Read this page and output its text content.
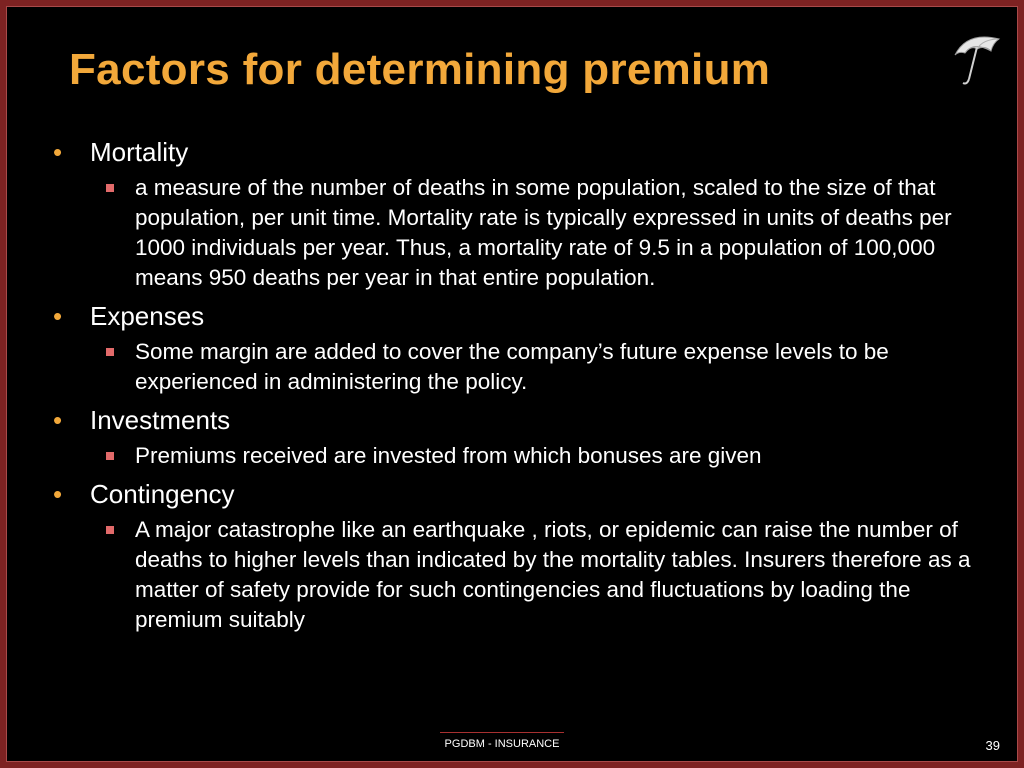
Factors for determining premium
•	Mortality
a measure of the number of deaths in some population, scaled to the size of that population, per unit time. Mortality rate is typically expressed in units of deaths per 1000 individuals per year. Thus, a mortality rate of 9.5 in a population of 100,000 means 950 deaths per year in that entire population.
•	Expenses
Some margin are added to cover the company’s future expense levels to be experienced in administering the policy.
•	Investments
Premiums received are invested from which bonuses are given
•	Contingency
A major catastrophe like an earthquake , riots, or epidemic can raise the number of deaths to higher levels than indicated by the mortality tables. Insurers therefore as a matter of safety provide for such contingencies and fluctuations by loading the premium suitably
PGDBM - INSURANCE	39
